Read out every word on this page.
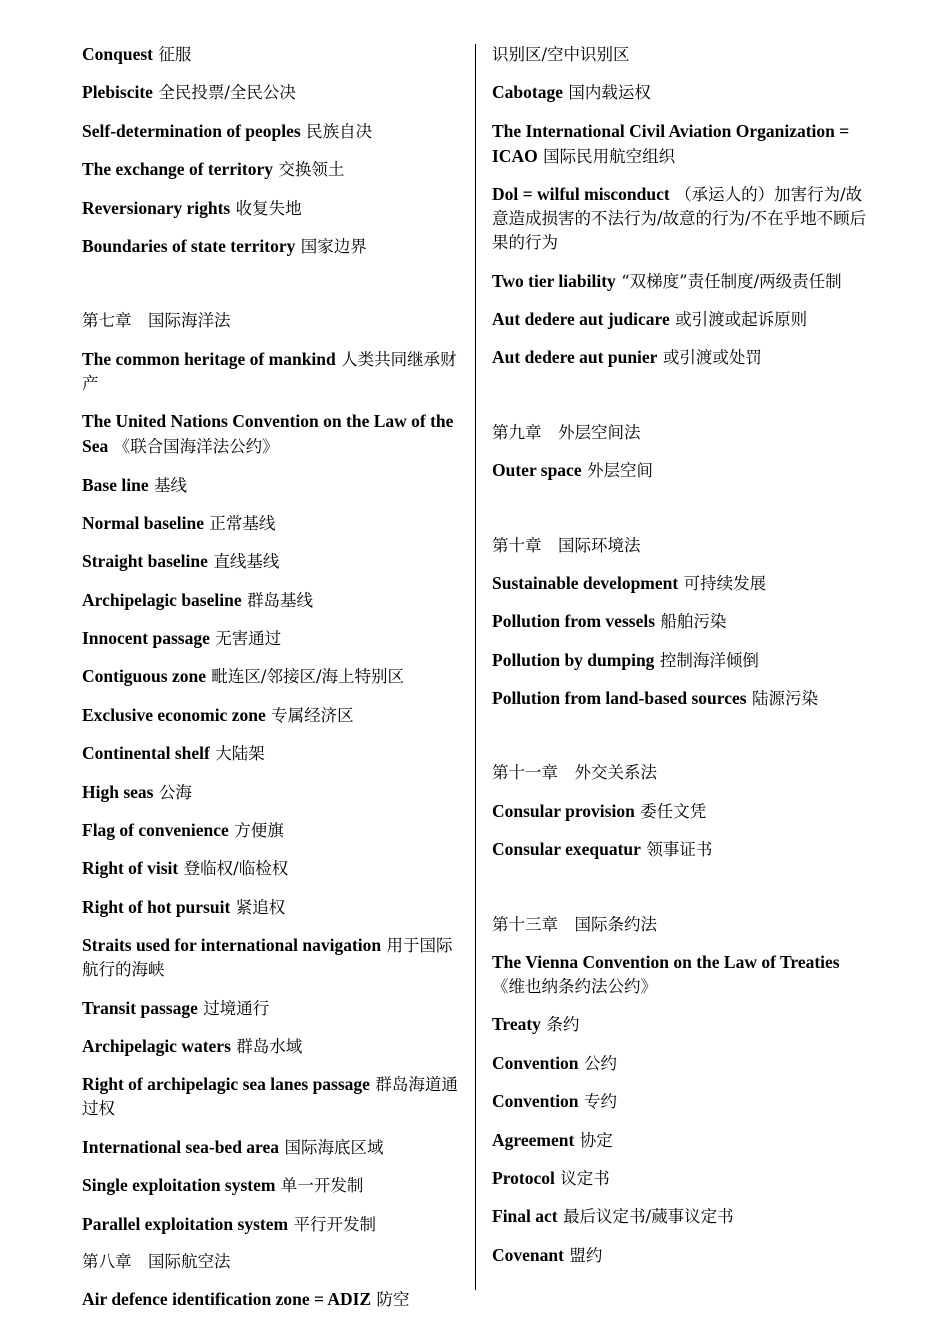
Conquest 征服
Plebiscite 全民投票/全民公决
Self-determination of peoples 民族自决
The exchange of territory 交换领土
Reversionary rights 收复失地
Boundaries of state territory 国家边界
第七章　国际海洋法
The common heritage of mankind 人类共同继承财产
The United Nations Convention on the Law of the Sea 《联合国海洋法公约》
Base line 基线
Normal baseline 正常基线
Straight baseline 直线基线
Archipelagic baseline 群岛基线
Innocent passage 无害通过
Contiguous zone 毗连区/邻接区/海上特别区
Exclusive economic zone 专属经济区
Continental shelf 大陆架
High seas 公海
Flag of convenience 方便旗
Right of visit 登临权/临检权
Right of hot pursuit 紧追权
Straits used for international navigation 用于国际航行的海峡
Transit passage 过境通行
Archipelagic waters 群岛水域
Right of archipelagic sea lanes passage 群岛海道通过权
International sea-bed area 国际海底区域
Single exploitation system 单一开发制
Parallel exploitation system 平行开发制
第八章　国际航空法
Air defence identification zone = ADIZ 防空
识别区/空中识别区
Cabotage 国内载运权
The International Civil Aviation Organization = ICAO 国际民用航空组织
Dol = wilful misconduct （承运人的）加害行为/故意造成损害的不法行为/故意的行为/不在乎地不顾后果的行为
Two tier liability “双梯度”责任制度/两级责任制
Aut dedere aut judicare 或引渡或起诉原则
Aut dedere aut punier 或引渡或处罚
第九章　外层空间法
Outer space 外层空间
第十章　国际环境法
Sustainable development 可持续发展
Pollution from vessels 船舶污染
Pollution by dumping 控制海洋倾倒
Pollution from land-based sources 陆源污染
第十一章　外交关系法
Consular provision 委任文凭
Consular exequatur 领事证书
第十三章　国际条约法
The Vienna Convention on the Law of Treaties 《维也纳条约法公约》
Treaty 条约
Convention 公约
Convention 专约
Agreement 协定
Protocol 议定书
Final act 最后议定书/蒇事议定书
Covenant 盟约
